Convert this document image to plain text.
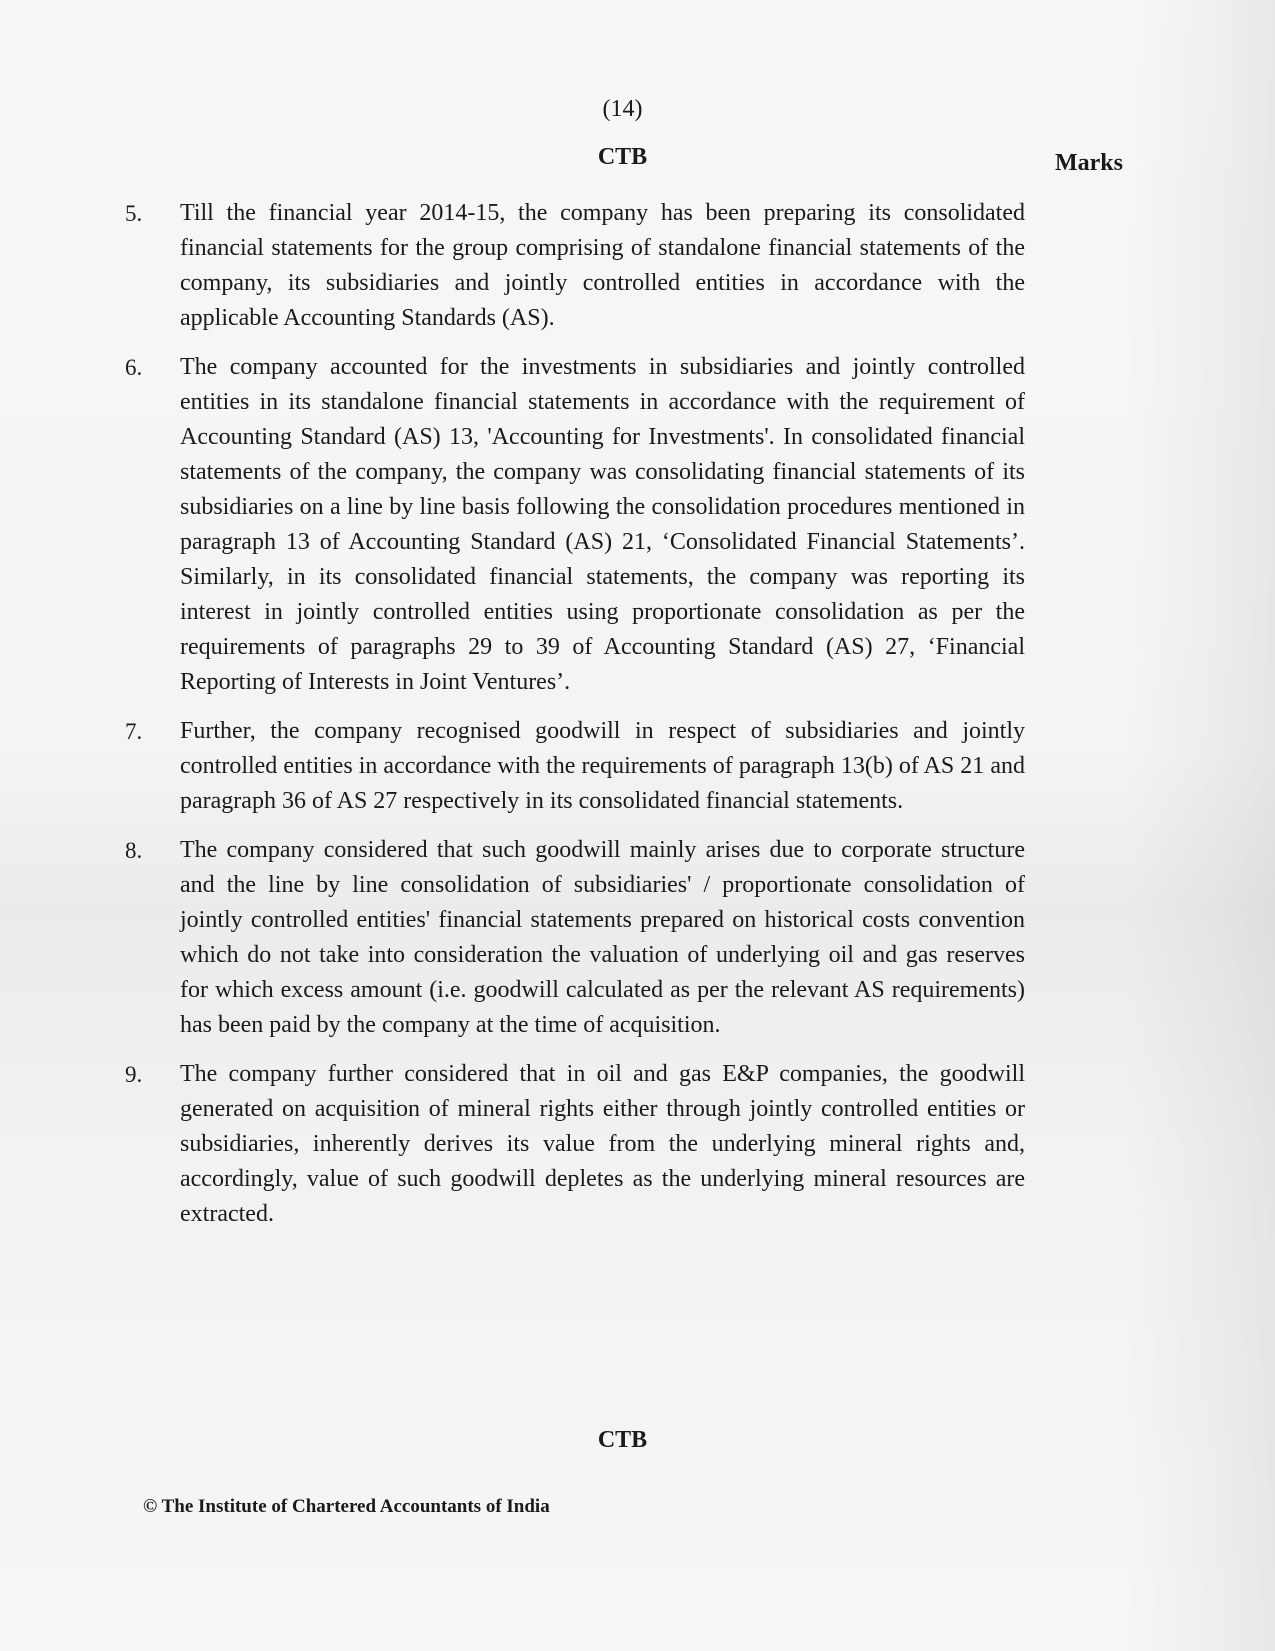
(14)
CTB	Marks
5.	Till the financial year 2014-15, the company has been preparing its consolidated financial statements for the group comprising of standalone financial statements of the company, its subsidiaries and jointly controlled entities in accordance with the applicable Accounting Standards (AS).
6.	The company accounted for the investments in subsidiaries and jointly controlled entities in its standalone financial statements in accordance with the requirement of Accounting Standard (AS) 13, 'Accounting for Investments'. In consolidated financial statements of the company, the company was consolidating financial statements of its subsidiaries on a line by line basis following the consolidation procedures mentioned in paragraph 13 of Accounting Standard (AS) 21, ‘Consolidated Financial Statements’. Similarly, in its consolidated financial statements, the company was reporting its interest in jointly controlled entities using proportionate consolidation as per the requirements of paragraphs 29 to 39 of Accounting Standard (AS) 27, ‘Financial Reporting of Interests in Joint Ventures’.
7.	Further, the company recognised goodwill in respect of subsidiaries and jointly controlled entities in accordance with the requirements of paragraph 13(b) of AS 21 and paragraph 36 of AS 27 respectively in its consolidated financial statements.
8.	The company considered that such goodwill mainly arises due to corporate structure and the line by line consolidation of subsidiaries' / proportionate consolidation of jointly controlled entities' financial statements prepared on historical costs convention which do not take into consideration the valuation of underlying oil and gas reserves for which excess amount (i.e. goodwill calculated as per the relevant AS requirements) has been paid by the company at the time of acquisition.
9.	The company further considered that in oil and gas E&P companies, the goodwill generated on acquisition of mineral rights either through jointly controlled entities or subsidiaries, inherently derives its value from the underlying mineral rights and, accordingly, value of such goodwill depletes as the underlying mineral resources are extracted.
CTB
© The Institute of Chartered Accountants of India
